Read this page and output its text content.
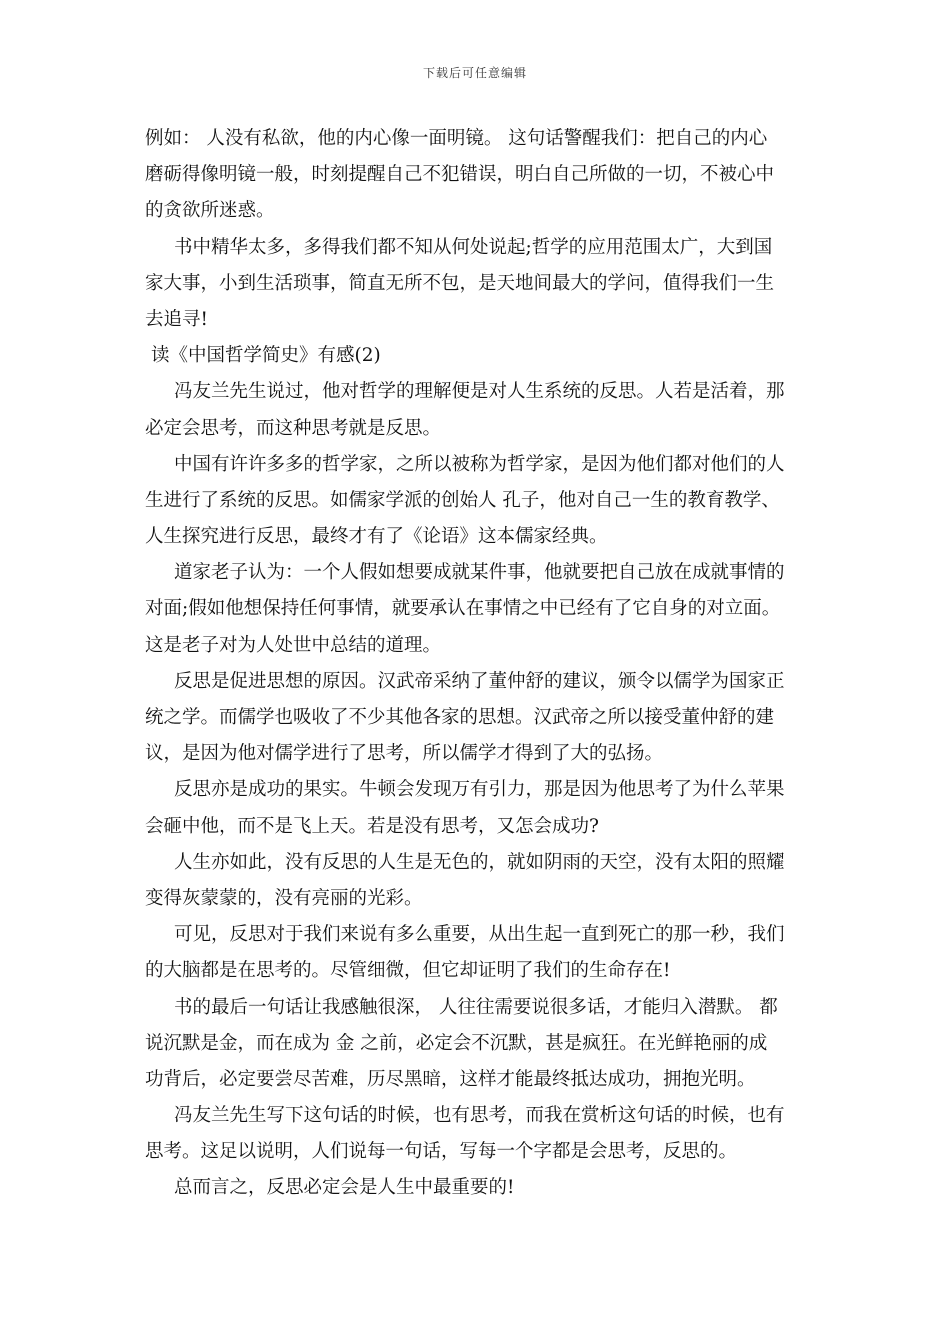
下载后可任意编辑
例如： 人没有私欲，他的内心像一面明镜。 这句话警醒我们：把自己的内心
磨砺得像明镜一般，时刻提醒自己不犯错误，明白自己所做的一切，不被心中
的贪欲所迷惑。
书中精华太多，多得我们都不知从何处说起;哲学的应用范围太广，大到国
家大事，小到生活琐事，简直无所不包，是天地间最大的学问，值得我们一生
去追寻!
读《中国哲学简史》有感(2)
冯友兰先生说过，他对哲学的理解便是对人生系统的反思。人若是活着，那
必定会思考，而这种思考就是反思。
中国有许许多多的哲学家，之所以被称为哲学家，是因为他们都对他们的人
生进行了系统的反思。如儒家学派的创始人 孔子，他对自己一生的教育教学、
人生探究进行反思，最终才有了《论语》这本儒家经典。
道家老子认为：一个人假如想要成就某件事，他就要把自己放在成就事情的
对面;假如他想保持任何事情，就要承认在事情之中已经有了它自身的对立面。
这是老子对为人处世中总结的道理。
反思是促进思想的原因。汉武帝采纳了董仲舒的建议，颁令以儒学为国家正
统之学。而儒学也吸收了不少其他各家的思想。汉武帝之所以接受董仲舒的建
议，是因为他对儒学进行了思考，所以儒学才得到了大的弘扬。
反思亦是成功的果实。牛顿会发现万有引力，那是因为他思考了为什么苹果
会砸中他，而不是飞上天。若是没有思考，又怎会成功?
人生亦如此，没有反思的人生是无色的，就如阴雨的天空，没有太阳的照耀
变得灰蒙蒙的，没有亮丽的光彩。
可见，反思对于我们来说有多么重要，从出生起一直到死亡的那一秒，我们
的大脑都是在思考的。尽管细微，但它却证明了我们的生命存在!
书的最后一句话让我感触很深， 人往往需要说很多话，才能归入潜默。 都
说沉默是金，而在成为 金 之前，必定会不沉默，甚是疯狂。在光鲜艳丽的成
功背后，必定要尝尽苦难，历尽黑暗，这样才能最终抵达成功，拥抱光明。
冯友兰先生写下这句话的时候，也有思考，而我在赏析这句话的时候，也有
思考。这足以说明，人们说每一句话，写每一个字都是会思考，反思的。
总而言之，反思必定会是人生中最重要的!
